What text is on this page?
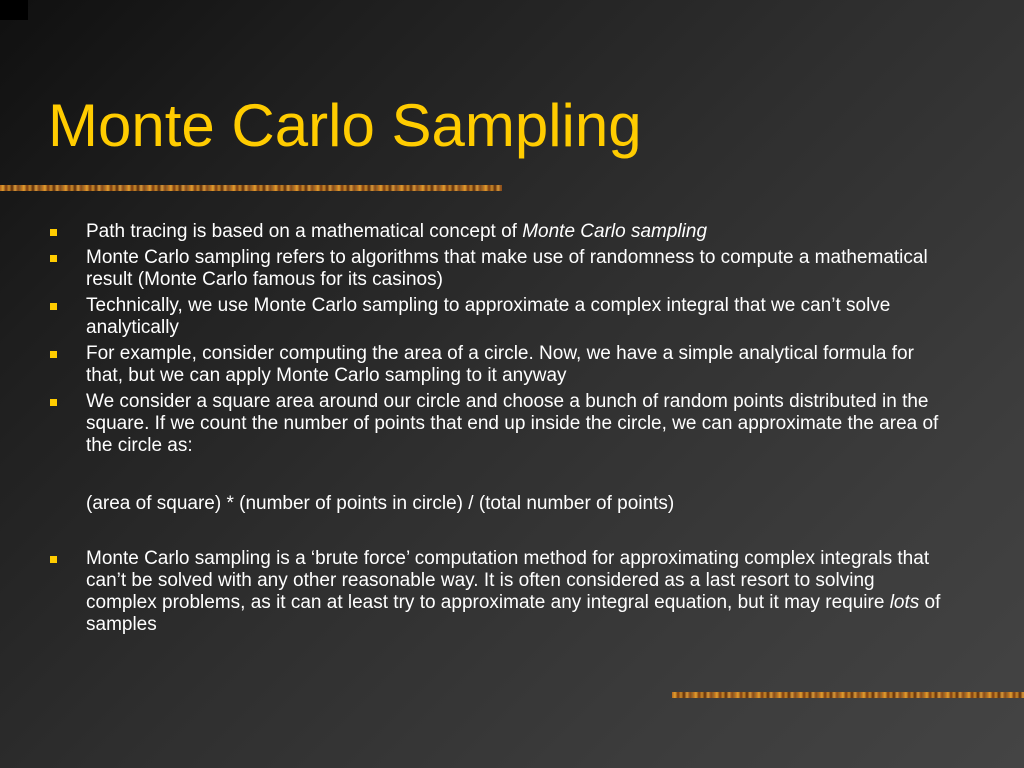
Monte Carlo Sampling
Path tracing is based on a mathematical concept of Monte Carlo sampling
Monte Carlo sampling refers to algorithms that make use of randomness to compute a mathematical result (Monte Carlo famous for its casinos)
Technically, we use Monte Carlo sampling to approximate a complex integral that we can’t solve analytically
For example, consider computing the area of a circle. Now, we have a simple analytical formula for that, but we can apply Monte Carlo sampling to it anyway
We consider a square area around our circle and choose a bunch of random points distributed in the square. If we count the number of points that end up inside the circle, we can approximate the area of the circle as:

(area of square) * (number of points in circle) / (total number of points)

Monte Carlo sampling is a ‘brute force’ computation method for approximating complex integrals that can’t be solved with any other reasonable way. It is often considered as a last resort to solving complex problems, as it can at least try to approximate any integral equation, but it may require lots of samples
